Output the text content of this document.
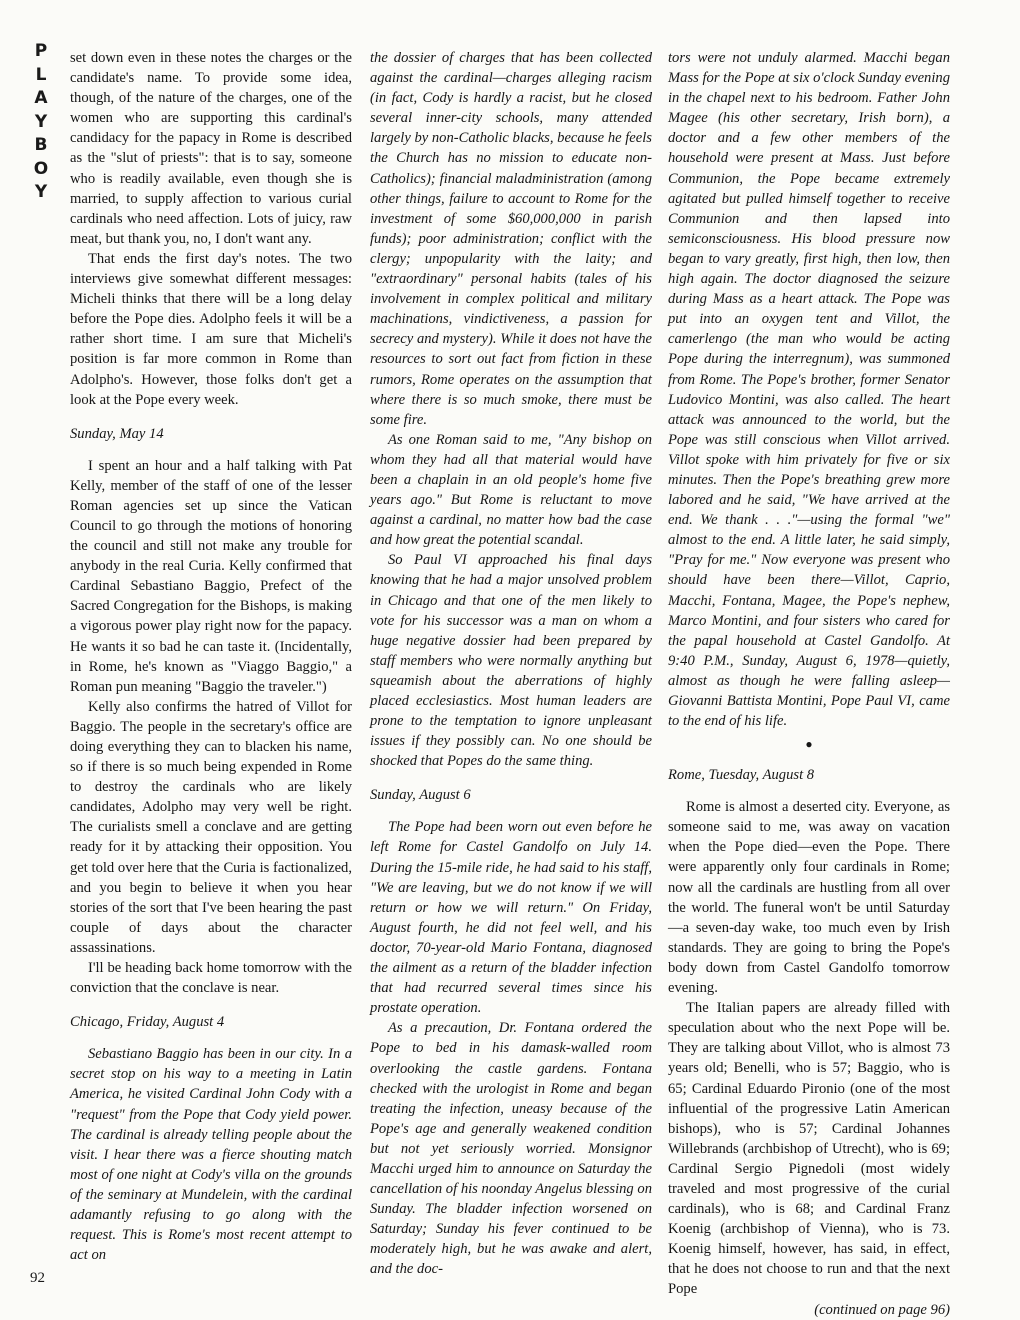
P
L
A
Y
B
O
Y
92

set down even in these notes the charges or the candidate's name. To provide some idea, though, of the nature of the charges, one of the women who are supporting this cardinal's candidacy for the papacy in Rome is described as the "slut of priests": that is to say, someone who is readily available, even though she is married, to supply affection to various curial cardinals who need affection. Lots of juicy, raw meat, but thank you, no, I don't want any.

That ends the first day's notes. The two interviews give somewhat different messages: Micheli thinks that there will be a long delay before the Pope dies. Adolpho feels it will be a rather short time. I am sure that Micheli's position is far more common in Rome than Adolpho's. However, those folks don't get a look at the Pope every week.

Sunday, May 14

I spent an hour and a half talking with Pat Kelly, member of the staff of one of the lesser Roman agencies set up since the Vatican Council to go through the motions of honoring the council and still not make any trouble for anybody in the real Curia. Kelly confirmed that Cardinal Sebastiano Baggio, Prefect of the Sacred Congregation for the Bishops, is making a vigorous power play right now for the papacy. He wants it so bad he can taste it. (Incidentally, in Rome, he's known as "Viaggo Baggio," a Roman pun meaning "Baggio the traveler.")

Kelly also confirms the hatred of Villot for Baggio. The people in the secretary's office are doing everything they can to blacken his name, so if there is so much being expended in Rome to destroy the cardinals who are likely candidates, Adolpho may very well be right. The curialists smell a conclave and are getting ready for it by attacking their opposition. You get told over here that the Curia is factionalized, and you begin to believe it when you hear stories of the sort that I've been hearing the past couple of days about the character assassinations.

I'll be heading back home tomorrow with the conviction that the conclave is near.

Chicago, Friday, August 4

Sebastiano Baggio has been in our city. In a secret stop on his way to a meeting in Latin America, he visited Cardinal John Cody with a "request" from the Pope that Cody yield power. The cardinal is already telling people about the visit. I hear there was a fierce shouting match most of one night at Cody's villa on the grounds of the seminary at Mundelein, with the cardinal adamantly refusing to go along with the request. This is Rome's most recent attempt to act on

the dossier of charges that has been collected against the cardinal—charges alleging racism (in fact, Cody is hardly a racist, but he closed several inner-city schools, many attended largely by non-Catholic blacks, because he feels the Church has no mission to educate non-Catholics); financial maladministration (among other things, failure to account to Rome for the investment of some $60,000,000 in parish funds); poor administration; conflict with the clergy; unpopularity with the laity; and "extraordinary" personal habits (tales of his involvement in complex political and military machinations, vindictiveness, a passion for secrecy and mystery). While it does not have the resources to sort out fact from fiction in these rumors, Rome operates on the assumption that where there is so much smoke, there must be some fire.

As one Roman said to me, "Any bishop on whom they had all that material would have been a chaplain in an old people's home five years ago." But Rome is reluctant to move against a cardinal, no matter how bad the case and how great the potential scandal.

So Paul VI approached his final days knowing that he had a major unsolved problem in Chicago and that one of the men likely to vote for his successor was a man on whom a huge negative dossier had been prepared by staff members who were normally anything but squeamish about the aberrations of highly placed ecclesiastics. Most human leaders are prone to the temptation to ignore unpleasant issues if they possibly can. No one should be shocked that Popes do the same thing.

Sunday, August 6

The Pope had been worn out even before he left Rome for Castel Gandolfo on July 14. During the 15-mile ride, he had said to his staff, "We are leaving, but we do not know if we will return or how we will return." On Friday, August fourth, he did not feel well, and his doctor, 70-year-old Mario Fontana, diagnosed the ailment as a return of the bladder infection that had recurred several times since his prostate operation.

As a precaution, Dr. Fontana ordered the Pope to bed in his damask-walled room overlooking the castle gardens. Fontana checked with the urologist in Rome and began treating the infection, uneasy because of the Pope's age and generally weakened condition but not yet seriously worried. Monsignor Macchi urged him to announce on Saturday the cancellation of his noonday Angelus blessing on Sunday. The bladder infection worsened on Saturday; Sunday his fever continued to be moderately high, but he was awake and alert, and the doc-

tors were not unduly alarmed. Macchi began Mass for the Pope at six o'clock Sunday evening in the chapel next to his bedroom. Father John Magee (his other secretary, Irish born), a doctor and a few other members of the household were present at Mass. Just before Communion, the Pope became extremely agitated but pulled himself together to receive Communion and then lapsed into semiconsciousness. His blood pressure now began to vary greatly, first high, then low, then high again. The doctor diagnosed the seizure during Mass as a heart attack. The Pope was put into an oxygen tent and Villot, the camerlengo (the man who would be acting Pope during the interregnum), was summoned from Rome. The Pope's brother, former Senator Ludovico Montini, was also called. The heart attack was announced to the world, but the Pope was still conscious when Villot arrived. Villot spoke with him privately for five or six minutes. Then the Pope's breathing grew more labored and he said, "We have arrived at the end. We thank . . ."—using the formal "we" almost to the end. A little later, he said simply, "Pray for me." Now everyone was present who should have been there—Villot, Caprio, Macchi, Fontana, Magee, the Pope's nephew, Marco Montini, and four sisters who cared for the papal household at Castel Gandolfo. At 9:40 P.M., Sunday, August 6, 1978—quietly, almost as though he were falling asleep—Giovanni Battista Montini, Pope Paul VI, came to the end of his life.

●
Rome, Tuesday, August 8

Rome is almost a deserted city. Everyone, as someone said to me, was away on vacation when the Pope died—even the Pope. There were apparently only four cardinals in Rome; now all the cardinals are hustling from all over the world. The funeral won't be until Saturday—a seven-day wake, too much even by Irish standards. They are going to bring the Pope's body down from Castel Gandolfo tomorrow evening.

The Italian papers are already filled with speculation about who the next Pope will be. They are talking about Villot, who is almost 73 years old; Benelli, who is 57; Baggio, who is 65; Cardinal Eduardo Pironio (one of the most influential of the progressive Latin American bishops), who is 57; Cardinal Johannes Willebrands (archbishop of Utrecht), who is 69; Cardinal Sergio Pignedoli (most widely traveled and most progressive of the curial cardinals), who is 68; and Cardinal Franz Koenig (archbishop of Vienna), who is 73. Koenig himself, however, has said, in effect, that he does not choose to run and that the next Pope

(continued on page 96)
